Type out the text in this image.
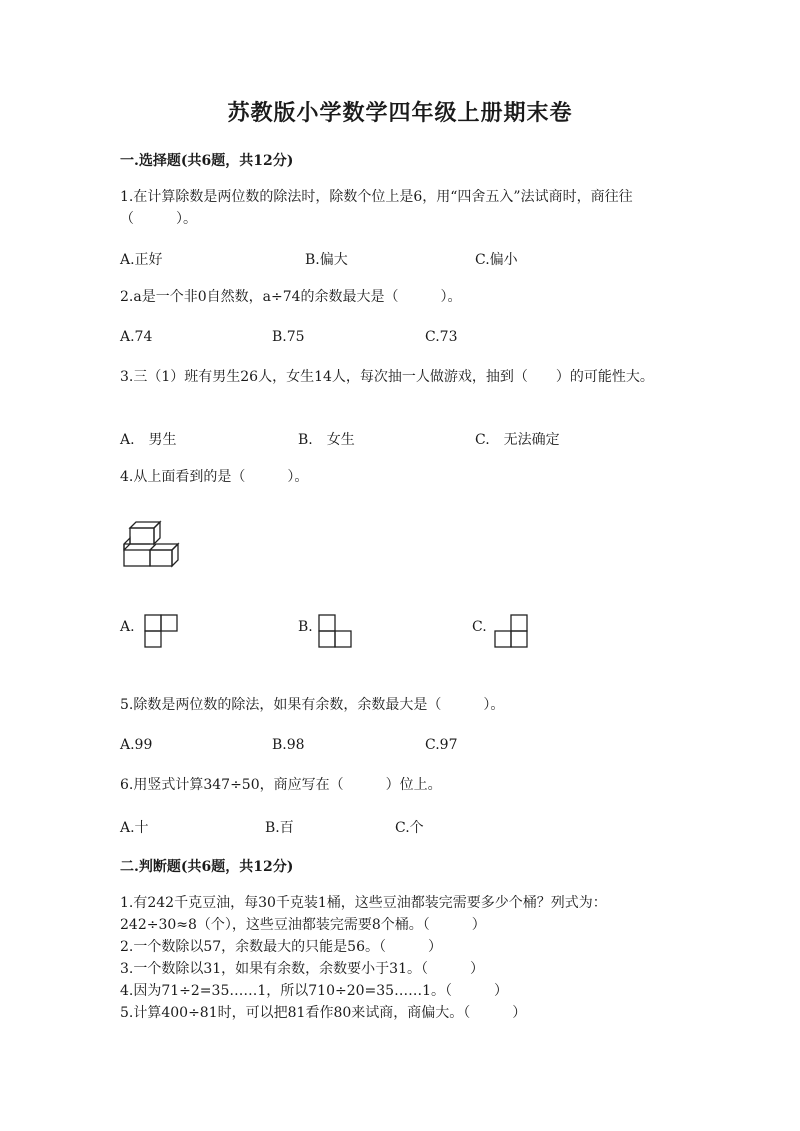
苏教版小学数学四年级上册期末卷
一.选择题(共6题，共12分)
1.在计算除数是两位数的除法时，除数个位上是6，用“四舍五入”法试商时，商往往（　　　）。
A.正好	B.偏大	C.偏小
2.a是一个非0自然数，a÷74的余数最大是（　　　）。
A.74	B.75	C.73
3.三（1）班有男生26人，女生14人，每次抽一人做游戏，抽到（　　）的可能性大。
A.　男生	B.　女生	C.　无法确定
4.从上面看到的是（　　　）。
A.	B.	C.
5.除数是两位数的除法，如果有余数，余数最大是（　　　）。
A.99	B.98	C.97
6.用竖式计算347÷50，商应写在（　　　）位上。
A.十	B.百	C.个
二.判断题(共6题，共12分)
1.有242千克豆油，每30千克装1桶，这些豆油都装完需要多少个桶？列式为：242÷30≈8（个），这些豆油都装完需要8个桶。（　　　）
2.一个数除以57，余数最大的只能是56。（　　　）
3.一个数除以31，如果有余数，余数要小于31。（　　　）
4.因为71÷2=35……1，所以710÷20=35……1。（　　　）
5.计算400÷81时，可以把81看作80来试商，商偏大。（　　　）
